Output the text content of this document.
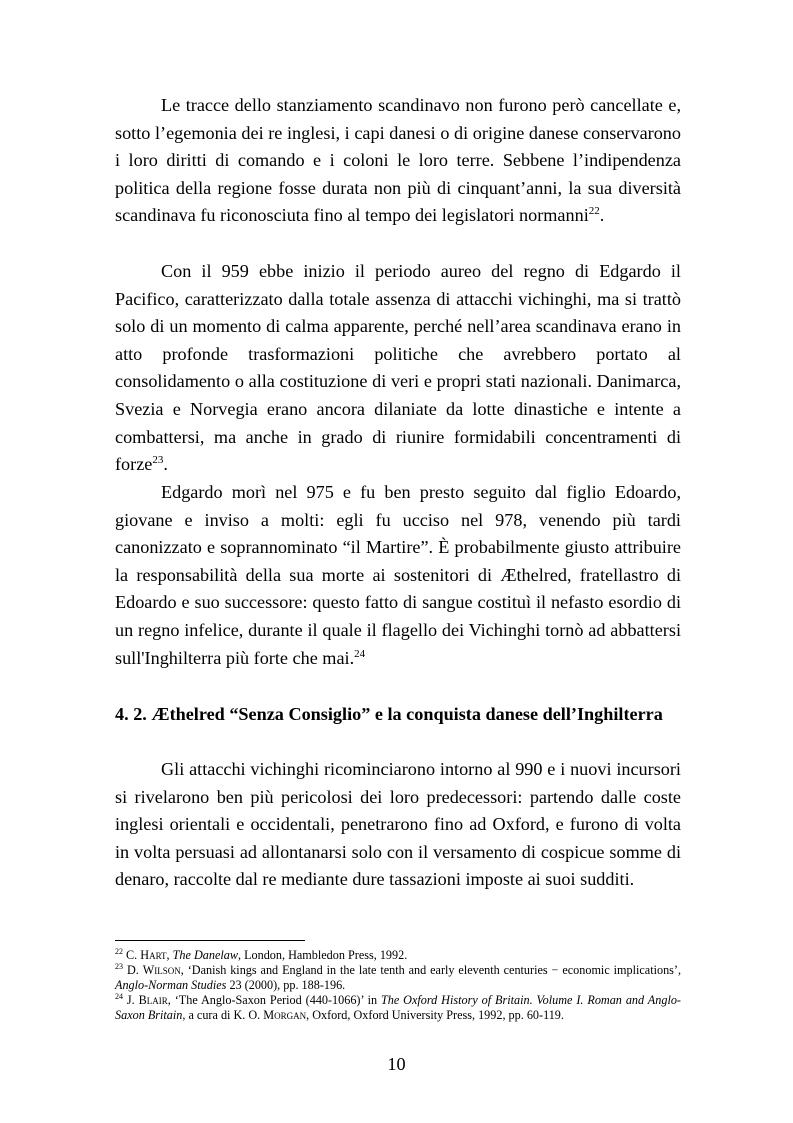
Le tracce dello stanziamento scandinavo non furono però cancellate e, sotto l’egemonia dei re inglesi, i capi danesi o di origine danese conservarono i loro diritti di comando e i coloni le loro terre. Sebbene l’indipendenza politica della regione fosse durata non più di cinquant’anni, la sua diversità scandinava fu riconosciuta fino al tempo dei legislatori normanni$^{22}$.

Con il 959 ebbe inizio il periodo aureo del regno di Edgardo il Pacifico, caratterizzato dalla totale assenza di attacchi vichinghi, ma si trattò solo di un momento di calma apparente, perché nell’area scandinava erano in atto profonde trasformazioni politiche che avrebbero portato al consolidamento o alla costituzione di veri e propri stati nazionali. Danimarca, Svezia e Norvegia erano ancora dilaniate da lotte dinastiche e intente a combattersi, ma anche in grado di riunire formidabili concentramenti di forze$^{23}$.

Edgardo morì nel 975 e fu ben presto seguito dal figlio Edoardo, giovane e inviso a molti: egli fu ucciso nel 978, venendo più tardi canonizzato e soprannominato “il Martire”. È probabilmente giusto attribuire la responsabilità della sua morte ai sostenitori di Æthelred, fratellastro di Edoardo e suo successore: questo fatto di sangue costituì il nefasto esordio di un regno infelice, durante il quale il flagello dei Vichinghi tornò ad abbattersi sull'Inghilterra più forte che mai.$^{24}$

4. 2. Æthelred “Senza Consiglio” e la conquista danese dell’Inghilterra

Gli attacchi vichinghi ricominciarono intorno al 990 e i nuovi incursori si rivelarono ben più pericolosi dei loro predecessori: partendo dalle coste inglesi orientali e occidentali, penetrarono fino ad Oxford, e furono di volta in volta persuasi ad allontanarsi solo con il versamento di cospicue somme di denaro, raccolte dal re mediante dure tassazioni imposte ai suoi sudditi.

$^{22}$ C. Hart, The Danelaw, London, Hambledon Press, 1992.

$^{23}$ D. Wilson, ‘Danish kings and England in the late tenth and early eleventh centuries − economic implications’, Anglo-Norman Studies 23 (2000), pp. 188-196.

$^{24}$ J. Blair, ‘The Anglo-Saxon Period (440-1066)’ in The Oxford History of Britain. Volume I. Roman and Anglo-Saxon Britain, a cura di K. O. Morgan, Oxford, Oxford University Press, 1992, pp. 60-119.

10
